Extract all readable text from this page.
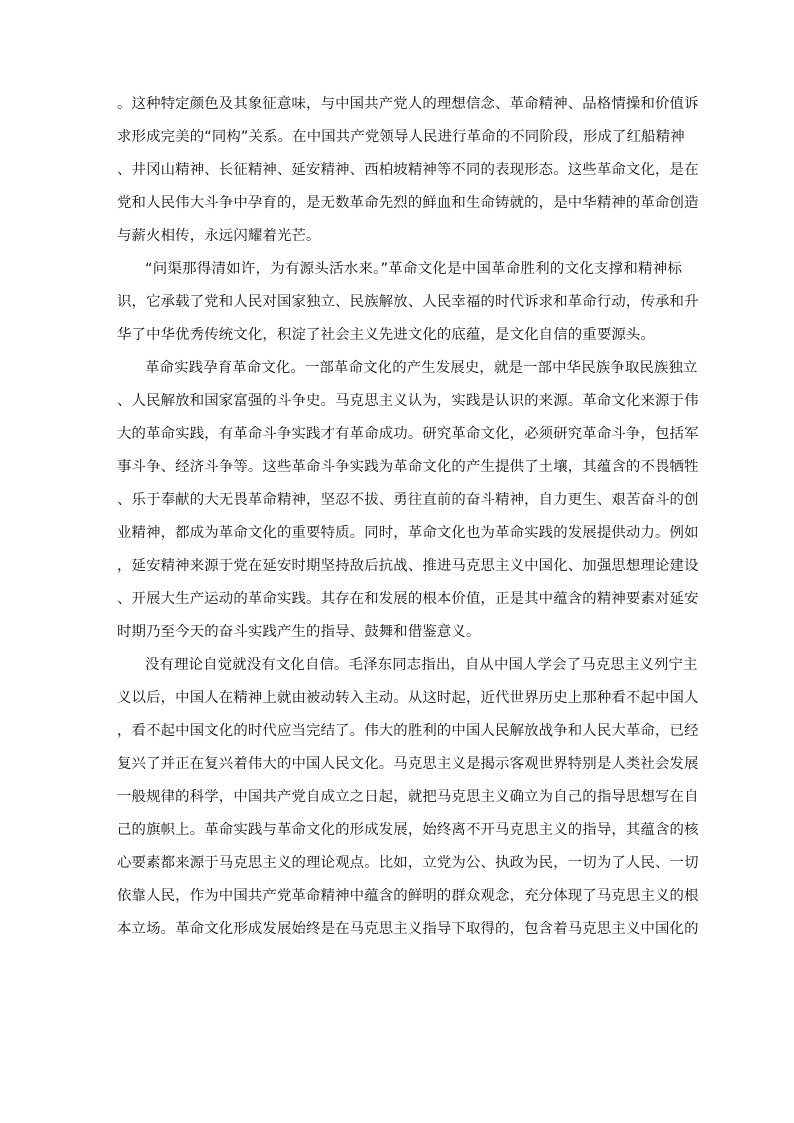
。这种特定颜色及其象征意味，与中国共产党人的理想信念、革命精神、品格情操和价值诉
求形成完美的“同构”关系。在中国共产党领导人民进行革命的不同阶段，形成了红船精神
、井冈山精神、长征精神、延安精神、西柏坡精神等不同的表现形态。这些革命文化，是在
党和人民伟大斗争中孕育的，是无数革命先烈的鲜血和生命铸就的，是中华精神的革命创造
与薪火相传，永远闪耀着光芒。
“问渠那得清如许，为有源头活水来。”革命文化是中国革命胜利的文化支撑和精神标
识，它承载了党和人民对国家独立、民族解放、人民幸福的时代诉求和革命行动，传承和升
华了中华优秀传统文化，积淀了社会主义先进文化的底蕴，是文化自信的重要源头。
革命实践孕育革命文化。一部革命文化的产生发展史，就是一部中华民族争取民族独立
、人民解放和国家富强的斗争史。马克思主义认为，实践是认识的来源。革命文化来源于伟
大的革命实践，有革命斗争实践才有革命成功。研究革命文化，必须研究革命斗争，包括军
事斗争、经济斗争等。这些革命斗争实践为革命文化的产生提供了土壤，其蕴含的不畏牺牲
、乐于奉献的大无畏革命精神，坚忍不拔、勇往直前的奋斗精神，自力更生、艰苦奋斗的创
业精神，都成为革命文化的重要特质。同时，革命文化也为革命实践的发展提供动力。例如
，延安精神来源于党在延安时期坚持敌后抗战、推进马克思主义中国化、加强思想理论建设
、开展大生产运动的革命实践。其存在和发展的根本价值，正是其中蕴含的精神要素对延安
时期乃至今天的奋斗实践产生的指导、鼓舞和借鉴意义。
没有理论自觉就没有文化自信。毛泽东同志指出，自从中国人学会了马克思主义列宁主
义以后，中国人在精神上就由被动转入主动。从这时起，近代世界历史上那种看不起中国人
，看不起中国文化的时代应当完结了。伟大的胜利的中国人民解放战争和人民大革命，已经
复兴了并正在复兴着伟大的中国人民文化。马克思主义是揭示客观世界特别是人类社会发展
一般规律的科学，中国共产党自成立之日起，就把马克思主义确立为自己的指导思想写在自
己的旗帜上。革命实践与革命文化的形成发展，始终离不开马克思主义的指导，其蕴含的核
心要素都来源于马克思主义的理论观点。比如，立党为公、执政为民，一切为了人民、一切
依靠人民，作为中国共产党革命精神中蕴含的鲜明的群众观念，充分体现了马克思主义的根
本立场。革命文化形成发展始终是在马克思主义指导下取得的，包含着马克思主义中国化的
